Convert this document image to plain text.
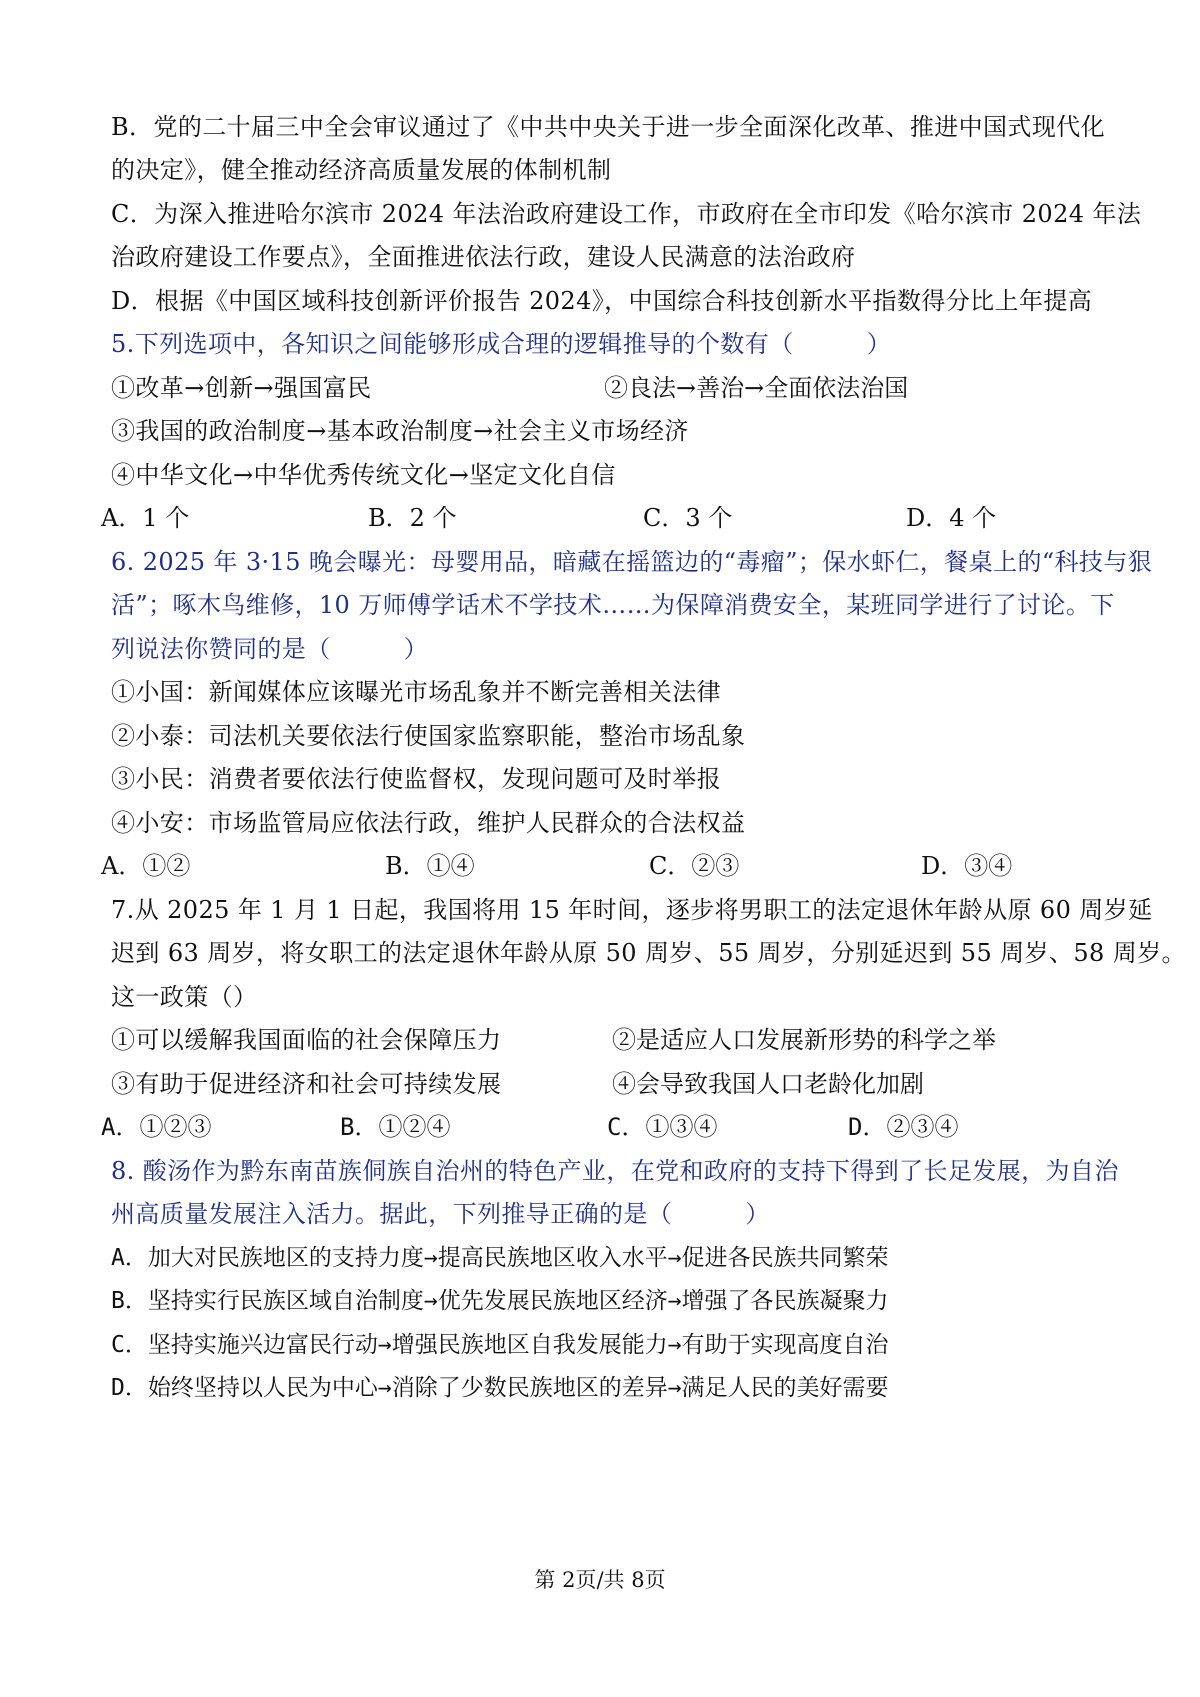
B．党的二十届三中全会审议通过了《中共中央关于进一步全面深化改革、推进中国式现代化
的决定》，健全推动经济高质量发展的体制机制
C．为深入推进哈尔滨市 2024 年法治政府建设工作，市政府在全市印发《哈尔滨市 2024 年法
治政府建设工作要点》，全面推进依法行政，建设人民满意的法治政府
D．根据《中国区域科技创新评价报告 2024》，中国综合科技创新水平指数得分比上年提高
5.下列选项中，各知识之间能够形成合理的逻辑推导的个数有（　　　）
①改革→创新→强国富民	②良法→善治→全面依法治国
③我国的政治制度→基本政治制度→社会主义市场经济
④中华文化→中华优秀传统文化→坚定文化自信
A．1 个	B．2 个	C．3 个	D．4 个
6. 2025 年 3·15 晚会曝光：母婴用品，暗藏在摇篮边的“毒瘤”；保水虾仁，餐桌上的“科技与狠
活”；啄木鸟维修，10 万师傅学话术不学技术……为保障消费安全，某班同学进行了讨论。下
列说法你赞同的是（　　　）
①小国：新闻媒体应该曝光市场乱象并不断完善相关法律
②小泰：司法机关要依法行使国家监察职能，整治市场乱象
③小民：消费者要依法行使监督权，发现问题可及时举报
④小安：市场监管局应依法行政，维护人民群众的合法权益
A．①②	B．①④	C．②③	D．③④
7.从 2025 年 1 月 1 日起，我国将用 15 年时间，逐步将男职工的法定退休年龄从原 60 周岁延
迟到 63 周岁，将女职工的法定退休年龄从原 50 周岁、55 周岁，分别延迟到 55 周岁、58 周岁。
这一政策（）
①可以缓解我国面临的社会保障压力	②是适应人口发展新形势的科学之举
③有助于促进经济和社会可持续发展	④会导致我国人口老龄化加剧
A．①②③	B．①②④	C．①③④	D．②③④
8. 酸汤作为黔东南苗族侗族自治州的特色产业，在党和政府的支持下得到了长足发展，为自治
州高质量发展注入活力。据此，下列推导正确的是（　　　）
A．加大对民族地区的支持力度→提高民族地区收入水平→促进各民族共同繁荣
B．坚持实行民族区域自治制度→优先发展民族地区经济→增强了各民族凝聚力
C．坚持实施兴边富民行动→增强民族地区自我发展能力→有助于实现高度自治
D．始终坚持以人民为中心→消除了少数民族地区的差异→满足人民的美好需要
第 2页/共 8页
